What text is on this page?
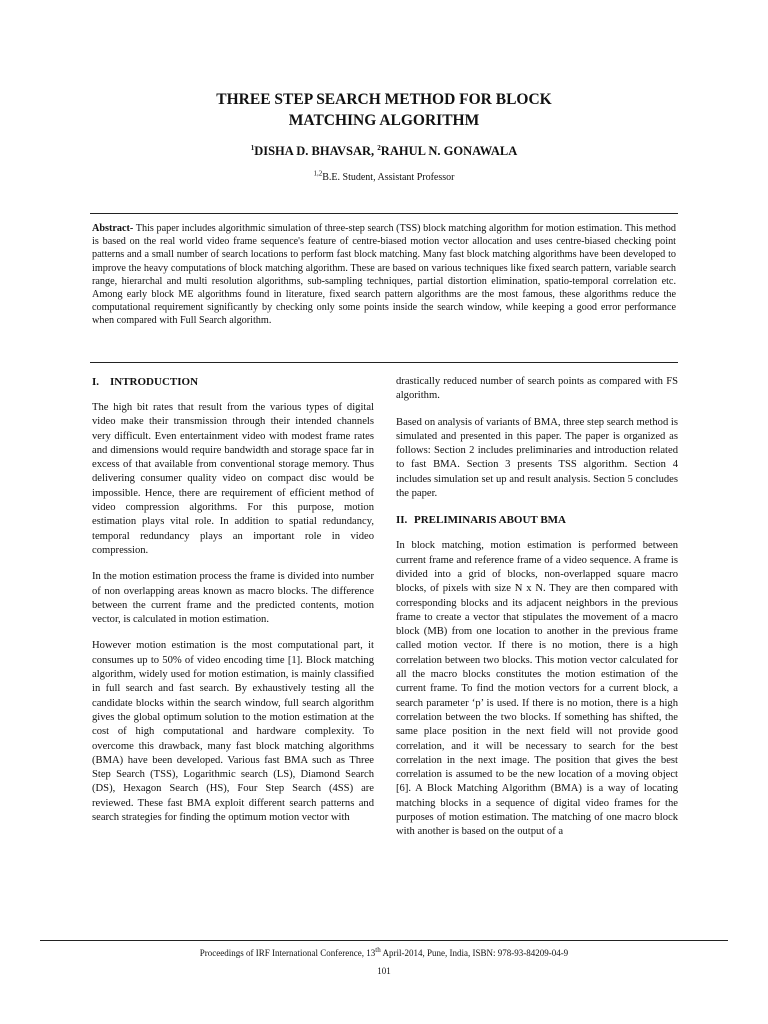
THREE STEP SEARCH METHOD FOR BLOCK
MATCHING ALGORITHM
$^1$DISHA D. BHAVSAR, $^2$RAHUL N. GONAWALA
$^{1,2}$B.E. Student, Assistant Professor

Abstract- This paper includes algorithmic simulation of three-step search (TSS) block matching algorithm for motion estimation. This method is based on the real world video frame sequence's feature of centre-biased motion vector allocation and uses centre-biased checking point patterns and a small number of search locations to perform fast block matching. Many fast block matching algorithms have been developed to improve the heavy computations of block matching algorithm. These are based on various techniques like fixed search pattern, variable search range, hierarchal and multi resolution algorithms, sub-sampling techniques, partial distortion elimination, spatio-temporal correlation etc. Among early block ME algorithms found in literature, fixed search pattern algorithms are the most famous, these algorithms reduce the computational requirement significantly by checking only some points inside the search window, while keeping a good error performance when compared with Full Search algorithm.

I. INTRODUCTION

The high bit rates that result from the various types of digital video make their transmission through their intended channels very difficult. Even entertainment video with modest frame rates and dimensions would require bandwidth and storage space far in excess of that available from conventional storage memory. Thus delivering consumer quality video on compact disc would be impossible. Hence, there are requirement of efficient method of video compression algorithms. For this purpose, motion estimation plays vital role. In addition to spatial redundancy, temporal redundancy plays an important role in video compression.

In the motion estimation process the frame is divided into number of non overlapping areas known as macro blocks. The difference between the current frame and the predicted contents, motion vector, is calculated in motion estimation.

However motion estimation is the most computational part, it consumes up to 50% of video encoding time [1]. Block matching algorithm, widely used for motion estimation, is mainly classified in full search and fast search. By exhaustively testing all the candidate blocks within the search window, full search algorithm gives the global optimum solution to the motion estimation at the cost of high computational and hardware complexity. To overcome this drawback, many fast block matching algorithms (BMA) have been developed. Various fast BMA such as Three Step Search (TSS), Logarithmic search (LS), Diamond Search (DS), Hexagon Search (HS), Four Step Search (4SS) are reviewed. These fast BMA exploit different search patterns and search strategies for finding the optimum motion vector with

drastically reduced number of search points as compared with FS algorithm.

Based on analysis of variants of BMA, three step search method is simulated and presented in this paper. The paper is organized as follows: Section 2 includes preliminaries and introduction related to fast BMA. Section 3 presents TSS algorithm. Section 4 includes simulation set up and result analysis. Section 5 concludes the paper.

II. PRELIMINARIS ABOUT BMA

In block matching, motion estimation is performed between current frame and reference frame of a video sequence. A frame is divided into a grid of blocks, non-overlapped square macro blocks, of pixels with size N x N. They are then compared with corresponding blocks and its adjacent neighbors in the previous frame to create a vector that stipulates the movement of a macro block (MB) from one location to another in the previous frame called motion vector. If there is no motion, there is a high correlation between two blocks. This motion vector calculated for all the macro blocks constitutes the motion estimation of the current frame. To find the motion vectors for a current block, a search parameter ‘p’ is used. If there is no motion, there is a high correlation between the two blocks. If something has shifted, the same place position in the next field will not provide good correlation, and it will be necessary to search for the best correlation in the next image. The position that gives the best correlation is assumed to be the new location of a moving object [6]. A Block Matching Algorithm (BMA) is a way of locating matching blocks in a sequence of digital video frames for the purposes of motion estimation. The matching of one macro block with another is based on the output of a

Proceedings of IRF International Conference, 13th April-2014, Pune, India, ISBN: 978-93-84209-04-9
101
